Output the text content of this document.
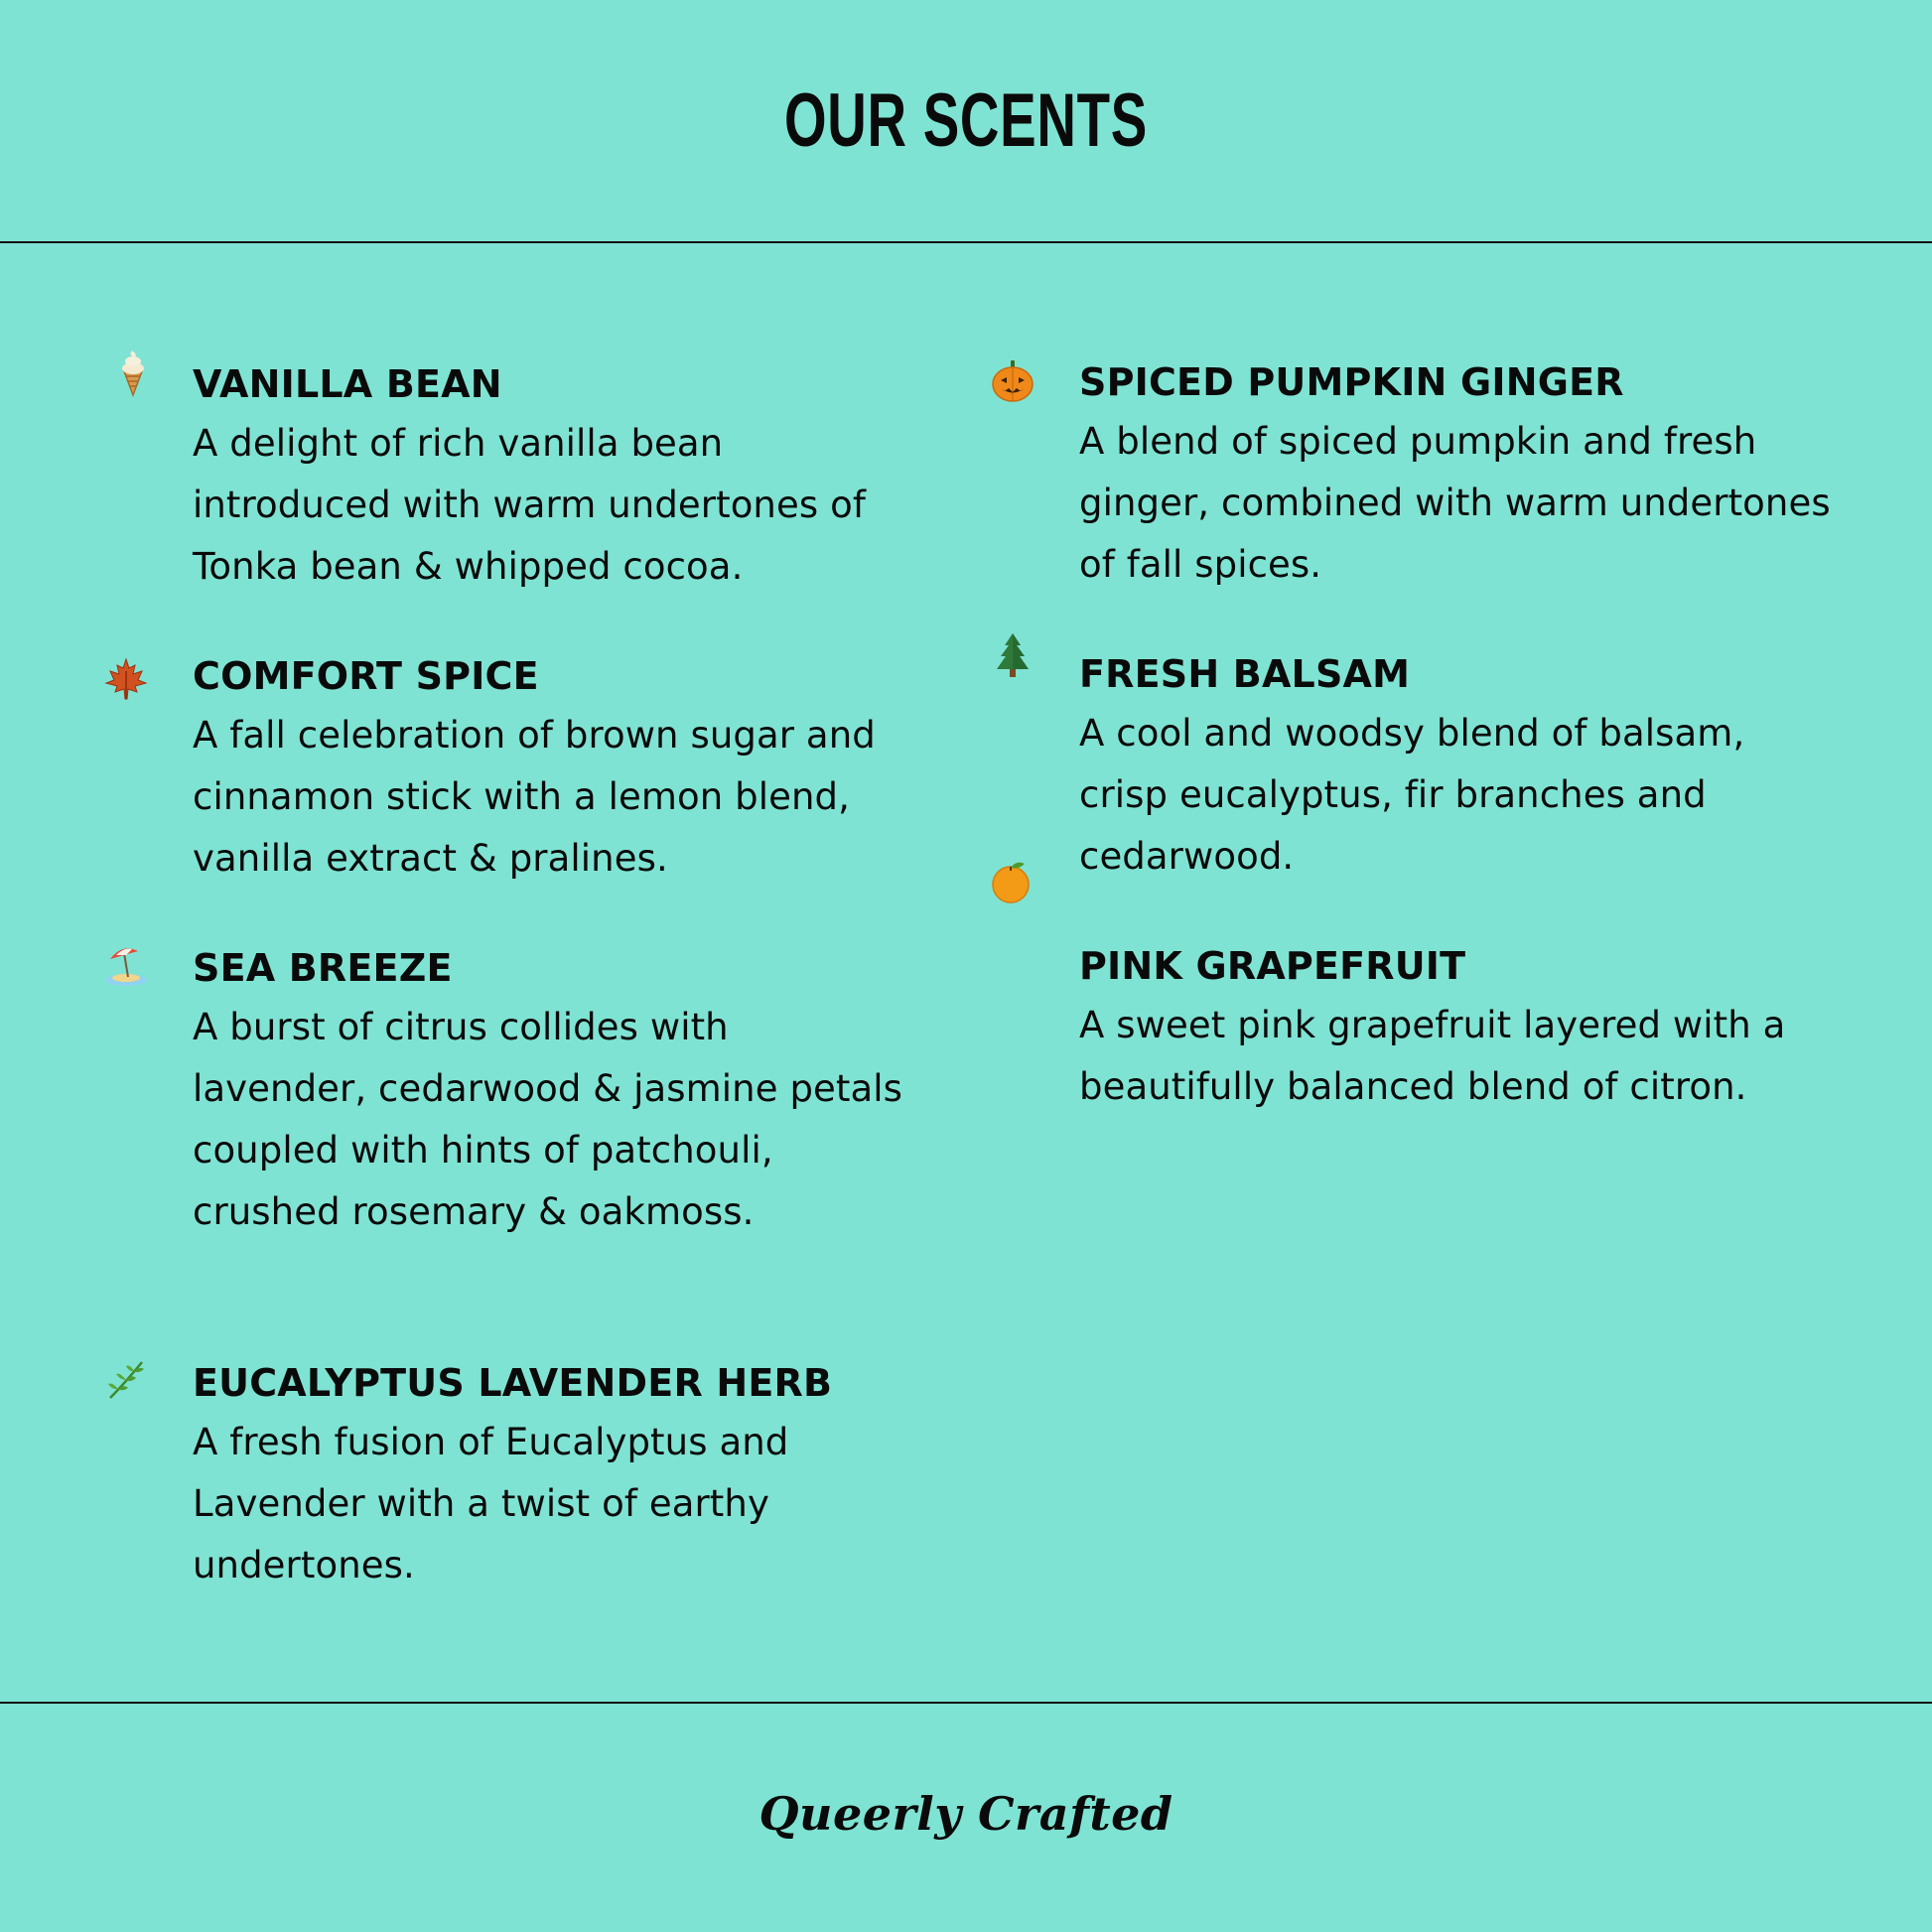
OUR SCENTS
VANILLA BEAN
A delight of rich vanilla bean introduced with warm undertones of Tonka bean & whipped cocoa.
COMFORT SPICE
A fall celebration of brown sugar and cinnamon stick with a lemon blend, vanilla extract & pralines.
SEA BREEZE
A burst of citrus collides with lavender, cedarwood & jasmine petals coupled with hints of patchouli, crushed rosemary & oakmoss.
EUCALYPTUS LAVENDER HERB
A fresh fusion of Eucalyptus and Lavender with a twist of earthy undertones.
SPICED PUMPKIN GINGER
A blend of spiced pumpkin and fresh ginger, combined with warm undertones of fall spices.
FRESH BALSAM
A cool and woodsy blend of balsam, crisp eucalyptus, fir branches and cedarwood.
PINK GRAPEFRUIT
A sweet pink grapefruit layered with a beautifully balanced blend of citron.
Queerly Crafted
